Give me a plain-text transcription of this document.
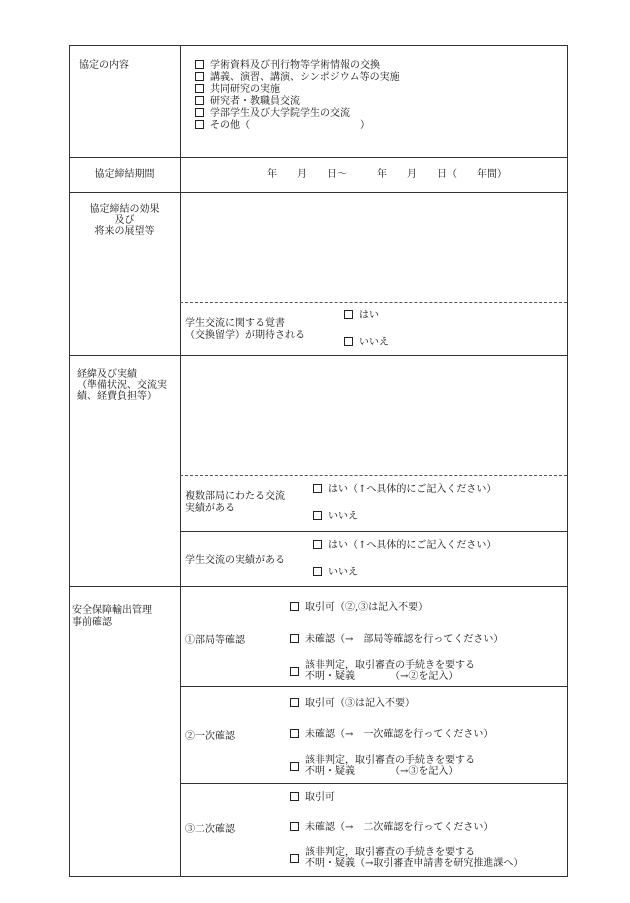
協定の内容	学術資料及び刊行物等学術情報の交換
講義、演習、講演、シンポジウム等の実施
共同研究の実施
研究者・教職員交流
学部学生及び大学院学生の交流
その他（　　　　　　　　　　　）
協定締結期間	年　　月　　日～　　　年　　月　　日（　　年間）
協定締結の効果
及び
将来の展望等
学生交流に関する覚書
（交換留学）が期待される
はい
いいえ
経緯及び実績
（準備状況、交流実
績、経費負担等）
複数部局にわたる交流
実績がある
はい（↑へ具体的にご記入ください）
いいえ
学生交流の実績がある
はい（↑へ具体的にご記入ください）
いいえ
安全保障輸出管理
事前確認
①部局等確認
取引可（②,③は記入不要）
未確認（→　部局等確認を行ってください）
該非判定，取引審査の手続きを要する
不明・疑義　　　　（→②を記入）
②一次確認
取引可（③は記入不要）
未確認（→　一次確認を行ってください）
該非判定，取引審査の手続きを要する
不明・疑義　　　　（→③を記入）
③二次確認
取引可
未確認（→　二次確認を行ってください）
該非判定，取引審査の手続きを要する
不明・疑義（→取引審査申請書を研究推進課へ）
